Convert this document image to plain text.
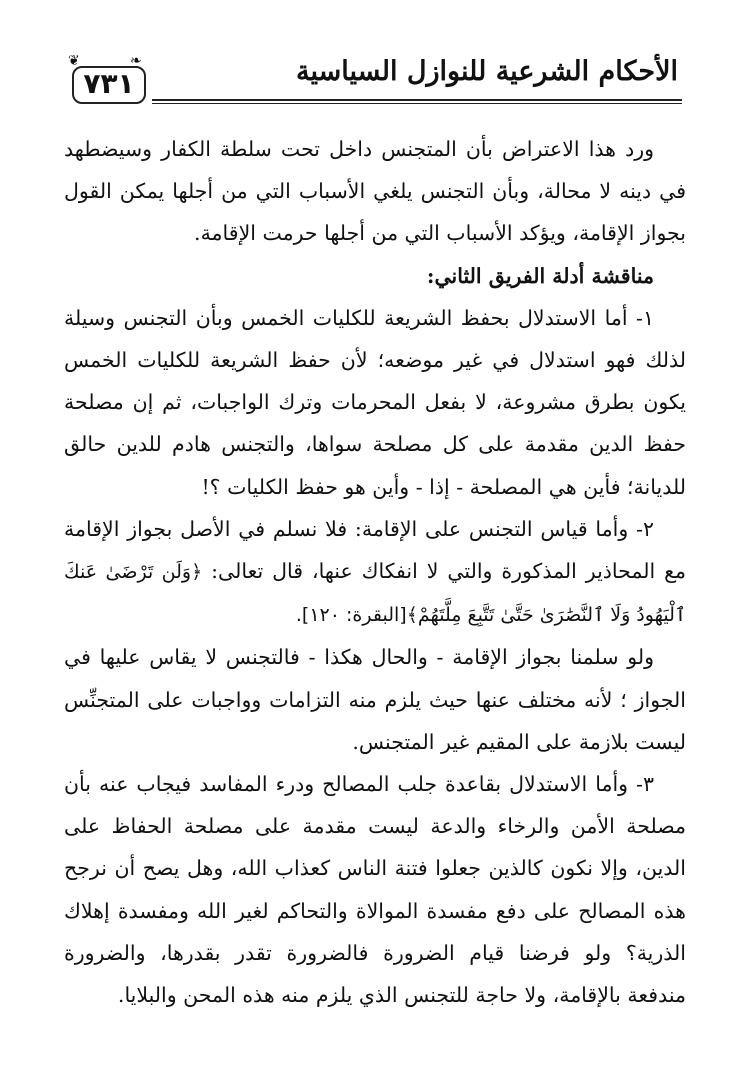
❦	❧
٧٣١	الأحكام الشرعية للنوازل السياسية

ورد هذا الاعتراض بأن المتجنس داخل تحت سلطة الكفار وسيضطهد في دينه لا محالة، وبأن التجنس يلغي الأسباب التي من أجلها يمكن القول بجواز الإقامة، ويؤكد الأسباب التي من أجلها حرمت الإقامة.

مناقشة أدلة الفريق الثاني:

١- أما الاستدلال بحفظ الشريعة للكليات الخمس وبأن التجنس وسيلة لذلك فهو استدلال في غير موضعه؛ لأن حفظ الشريعة للكليات الخمس يكون بطرق مشروعة، لا بفعل المحرمات وترك الواجبات، ثم إن مصلحة حفظ الدين مقدمة على كل مصلحة سواها، والتجنس هادم للدين حالق للديانة؛ فأين هي المصلحة - إذا - وأين هو حفظ الكليات ؟!

٢- وأما قياس التجنس على الإقامة: فلا نسلم في الأصل بجواز الإقامة مع المحاذير المذكورة والتي لا انفكاك عنها، قال تعالى: ﴿وَلَن تَرْضَىٰ عَنكَ ٱلْيَهُودُ وَلَا ٱلنَّصَٰرَىٰ حَتَّىٰ تَتَّبِعَ مِلَّتَهُمْ﴾[البقرة: ١٢٠].

ولو سلمنا بجواز الإقامة - والحال هكذا - فالتجنس لا يقاس عليها في الجواز ؛ لأنه مختلف عنها حيث يلزم منه التزامات وواجبات على المتجنِّس ليست بلازمة على المقيم غير المتجنس.

٣- وأما الاستدلال بقاعدة جلب المصالح ودرء المفاسد فيجاب عنه بأن مصلحة الأمن والرخاء والدعة ليست مقدمة على مصلحة الحفاظ على الدين، وإلا نكون كالذين جعلوا فتنة الناس كعذاب الله، وهل يصح أن نرجح هذه المصالح على دفع مفسدة الموالاة والتحاكم لغير الله ومفسدة إهلاك الذرية؟ ولو فرضنا قيام الضرورة فالضرورة تقدر بقدرها، والضرورة مندفعة بالإقامة، ولا حاجة للتجنس الذي يلزم منه هذه المحن والبلايا.
